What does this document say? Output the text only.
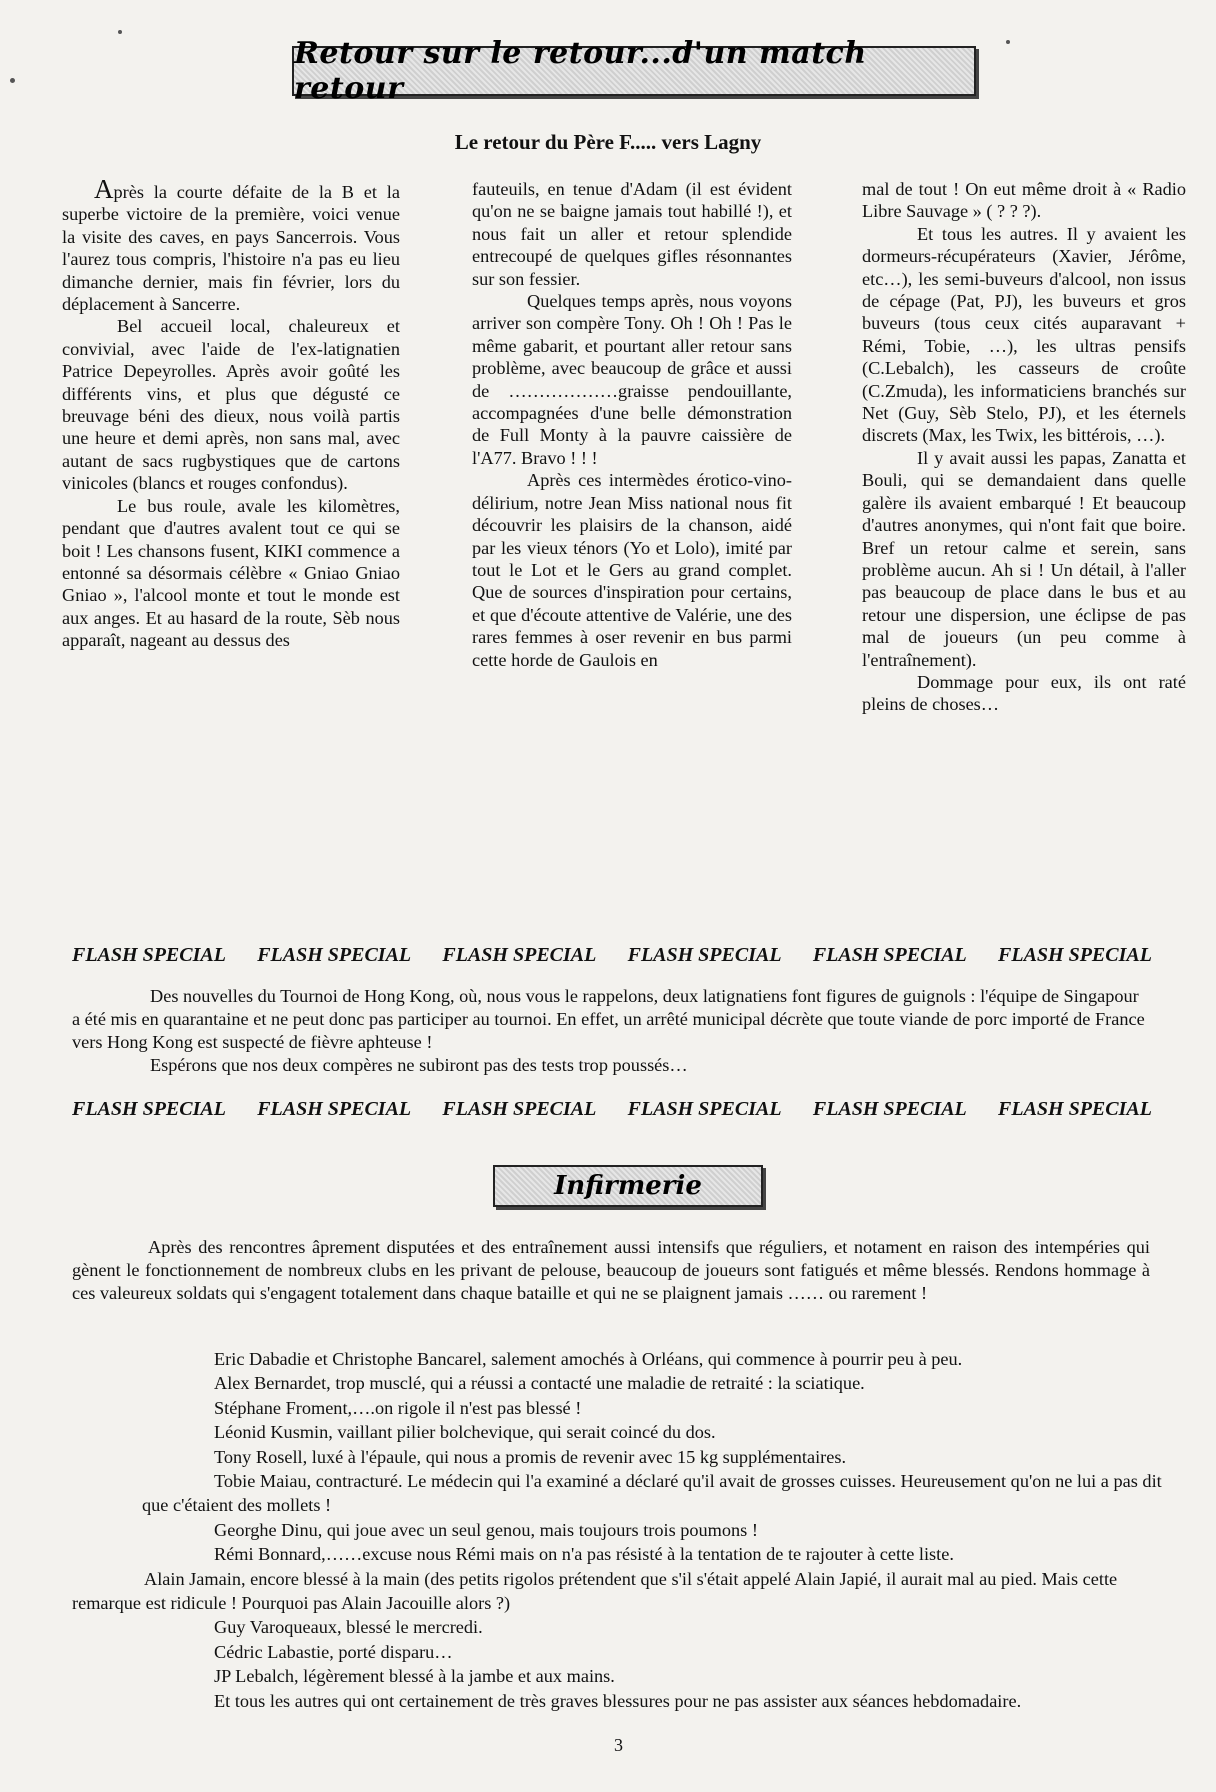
Retour sur le retour...d'un match retour
Le retour du Père F..... vers Lagny

Après la courte défaite de la B et la superbe victoire de la première, voici venue la visite des caves, en pays Sancerrois. Vous l'aurez tous compris, l'histoire n'a pas eu lieu dimanche dernier, mais fin février, lors du déplacement à Sancerre.

Bel accueil local, chaleureux et convivial, avec l'aide de l'ex-latignatien Patrice Depeyrolles. Après avoir goûté les différents vins, et plus que dégusté ce breuvage béni des dieux, nous voilà partis une heure et demi après, non sans mal, avec autant de sacs rugbystiques que de cartons vinicoles (blancs et rouges confondus).

Le bus roule, avale les kilomètres, pendant que d'autres avalent tout ce qui se boit ! Les chansons fusent, KIKI commence a entonné sa désormais célèbre « Gniao Gniao Gniao », l'alcool monte et tout le monde est aux anges. Et au hasard de la route, Sèb nous apparaît, nageant au dessus des

fauteuils, en tenue d'Adam (il est évident qu'on ne se baigne jamais tout habillé !), et nous fait un aller et retour splendide entrecoupé de quelques gifles résonnantes sur son fessier.

Quelques temps après, nous voyons arriver son compère Tony. Oh ! Oh ! Pas le même gabarit, et pourtant aller retour sans problème, avec beaucoup de grâce et aussi de ………………graisse pendouillante, accompagnées d'une belle démonstration de Full Monty à la pauvre caissière de l'A77. Bravo ! ! !

Après ces intermèdes érotico-vino-délirium, notre Jean Miss national nous fit découvrir les plaisirs de la chanson, aidé par les vieux ténors (Yo et Lolo), imité par tout le Lot et le Gers au grand complet. Que de sources d'inspiration pour certains, et que d'écoute attentive de Valérie, une des rares femmes à oser revenir en bus parmi cette horde de Gaulois en

mal de tout ! On eut même droit à « Radio Libre Sauvage » ( ? ? ?).

Et tous les autres. Il y avaient les dormeurs-récupérateurs (Xavier, Jérôme, etc…), les semi-buveurs d'alcool, non issus de cépage (Pat, PJ), les buveurs et gros buveurs (tous ceux cités auparavant + Rémi, Tobie, …), les ultras pensifs (C.Lebalch), les casseurs de croûte (C.Zmuda), les informaticiens branchés sur Net (Guy, Sèb Stelo, PJ), et les éternels discrets (Max, les Twix, les bittérois, …).

Il y avait aussi les papas, Zanatta et Bouli, qui se demandaient dans quelle galère ils avaient embarqué ! Et beaucoup d'autres anonymes, qui n'ont fait que boire. Bref un retour calme et serein, sans problème aucun. Ah si ! Un détail, à l'aller pas beaucoup de place dans le bus et au retour une dispersion, une éclipse de pas mal de joueurs (un peu comme à l'entraînement).

Dommage pour eux, ils ont raté pleins de choses…

FLASH SPECIAL FLASH SPECIAL FLASH SPECIAL FLASH SPECIAL FLASH SPECIAL FLASH SPECIAL

Des nouvelles du Tournoi de Hong Kong, où, nous vous le rappelons, deux latignatiens font figures de guignols : l'équipe de Singapour a été mis en quarantaine et ne peut donc pas participer au tournoi. En effet, un arrêté municipal décrète que toute viande de porc importé de France vers Hong Kong est suspecté de fièvre aphteuse !

Espérons que nos deux compères ne subiront pas des tests trop poussés…

FLASH SPECIAL FLASH SPECIAL FLASH SPECIAL FLASH SPECIAL FLASH SPECIAL FLASH SPECIAL
Infirmerie

Après des rencontres âprement disputées et des entraînement aussi intensifs que réguliers, et notament en raison des intempéries qui gènent le fonctionnement de nombreux clubs en les privant de pelouse, beaucoup de joueurs sont fatigués et même blessés. Rendons hommage à ces valeureux soldats qui s'engagent totalement dans chaque bataille et qui ne se plaignent jamais …… ou rarement !

Eric Dabadie et Christophe Bancarel, salement amochés à Orléans, qui commence à pourrir peu à peu.

Alex Bernardet, trop musclé, qui a réussi a contacté une maladie de retraité : la sciatique.

Stéphane Froment,….on rigole il n'est pas blessé !

Léonid Kusmin, vaillant pilier bolchevique, qui serait coincé du dos.

Tony Rosell, luxé à l'épaule, qui nous a promis de revenir avec 15 kg supplémentaires.

Tobie Maiau, contracturé. Le médecin qui l'a examiné a déclaré qu'il avait de grosses cuisses. Heureusement qu'on ne lui a pas dit que c'étaient des mollets !

Georghe Dinu, qui joue avec un seul genou, mais toujours trois poumons !

Rémi Bonnard,……excuse nous Rémi mais on n'a pas résisté à la tentation de te rajouter à cette liste.

Alain Jamain, encore blessé à la main (des petits rigolos prétendent que s'il s'était appelé Alain Japié, il aurait mal au pied. Mais cette remarque est ridicule ! Pourquoi pas Alain Jacouille alors ?)

Guy Varoqueaux, blessé le mercredi.

Cédric Labastie, porté disparu…

JP Lebalch, légèrement blessé à la jambe et aux mains.

Et tous les autres qui ont certainement de très graves blessures pour ne pas assister aux séances hebdomadaire.

3
